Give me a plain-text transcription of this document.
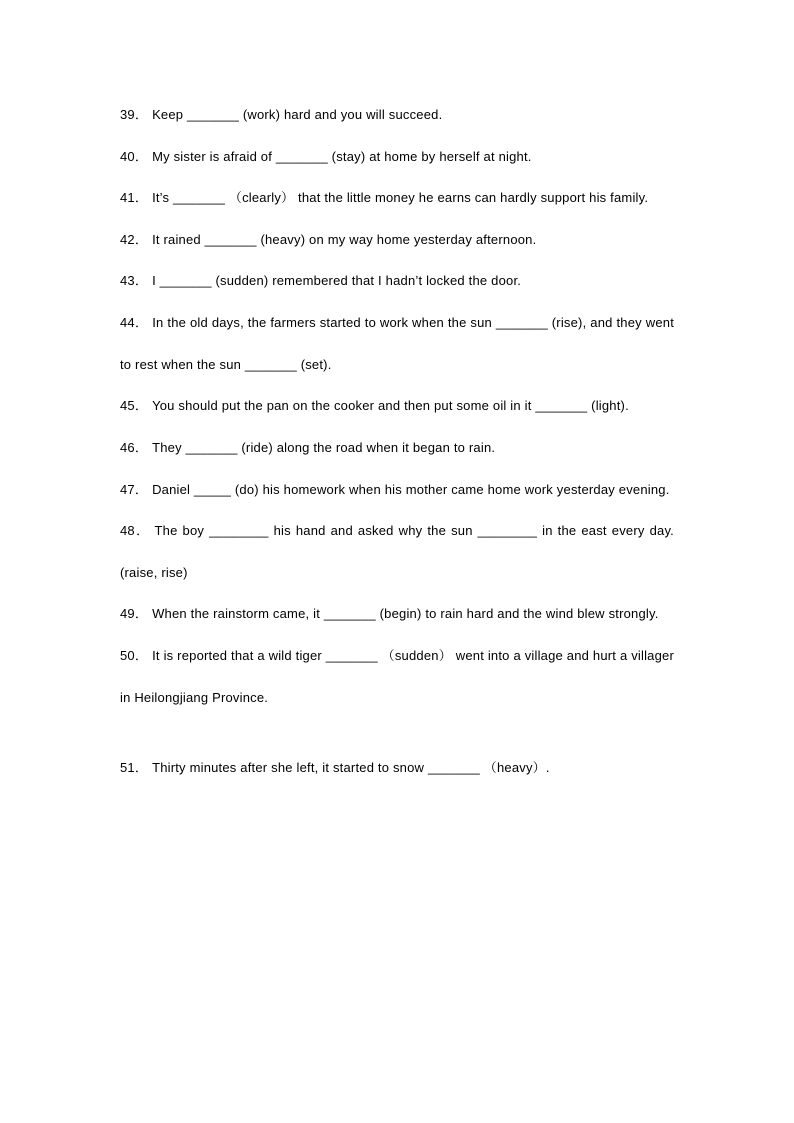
39． Keep _______ (work) hard and you will succeed.
40． My sister is afraid of _______ (stay) at home by herself at night.
41． It’s _______ （clearly） that the little money he earns can hardly support his family.
42． It rained _______ (heavy) on my way home yesterday afternoon.
43． I _______ (sudden) remembered that I hadn’t locked the door.
44． In the old days, the farmers started to work when the sun _______ (rise), and they went to rest when the sun _______ (set).
45． You should put the pan on the cooker and then put some oil in it _______ (light).
46． They _______ (ride) along the road when it began to rain.
47． Daniel _____ (do) his homework when his mother came home work yesterday evening.
48． The boy ________ his hand and asked why the sun ________ in the east every day. (raise, rise)
49． When the rainstorm came, it _______ (begin) to rain hard and the wind blew strongly.
50． It is reported that a wild tiger _______ （sudden） went into a village and hurt a villager in Heilongjiang Province.
51． Thirty minutes after she left, it started to snow _______ （heavy）.
